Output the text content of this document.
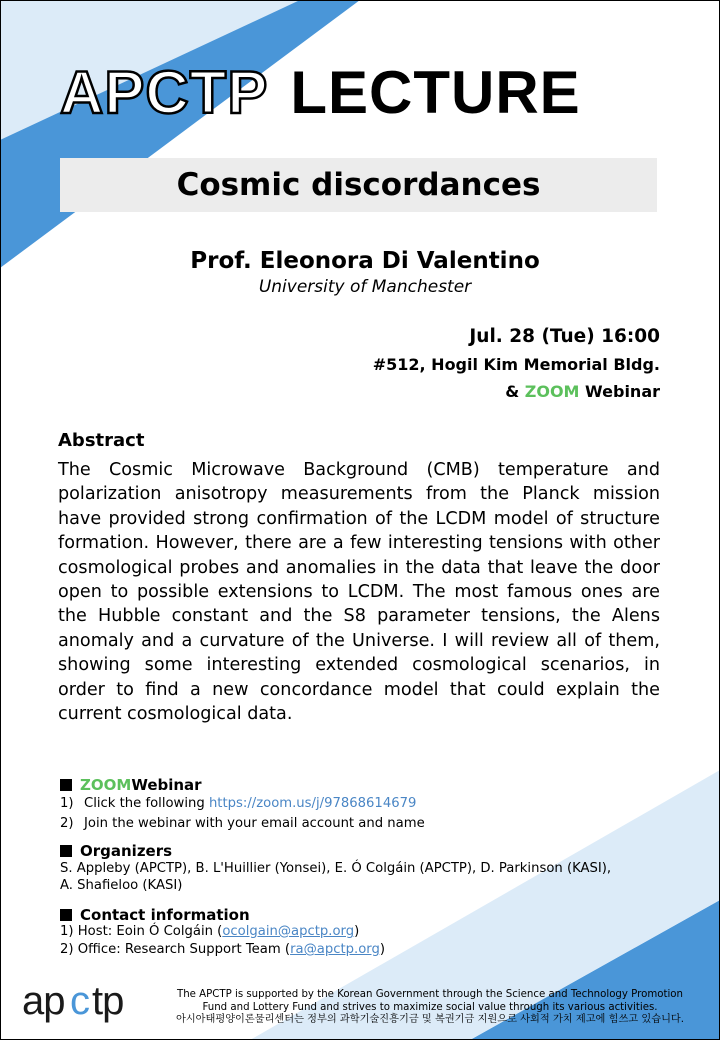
APCTP LECTURE
Cosmic discordances
Prof. Eleonora Di Valentino
University of Manchester
Jul. 28 (Tue) 16:00
#512, Hogil Kim Memorial Bldg.
& ZOOM Webinar
Abstract
The Cosmic Microwave Background (CMB) temperature and polarization anisotropy measurements from the Planck mission have provided strong confirmation of the LCDM model of structure formation. However, there are a few interesting tensions with other cosmological probes and anomalies in the data that leave the door open to possible extensions to LCDM. The most famous ones are the Hubble constant and the S8 parameter tensions, the Alens anomaly and a curvature of the Universe. I will review all of them, showing some interesting extended cosmological scenarios, in order to find a new concordance model that could explain the current cosmological data.
ZOOM Webinar
1) Click the following https://zoom.us/j/97868614679
2) Join the webinar with your email account and name
Organizers
S. Appleby (APCTP), B. L'Huillier (Yonsei), E. Ó Colgáin (APCTP), D. Parkinson (KASI),
A. Shafieloo (KASI)
Contact information
1) Host: Eoin Ó Colgáin (ocolgain@apctp.org)
2) Office: Research Support Team (ra@apctp.org)
ap c tp	The APCTP is supported by the Korean Government through the Science and Technology Promotion
Fund and Lottery Fund and strives to maximize social value through its various activities.
아시아태평양이론물리센터는 정부의 과학기술진흥기금 및 복권기금 지원으로 사회적 가치 제고에 힘쓰고 있습니다.
